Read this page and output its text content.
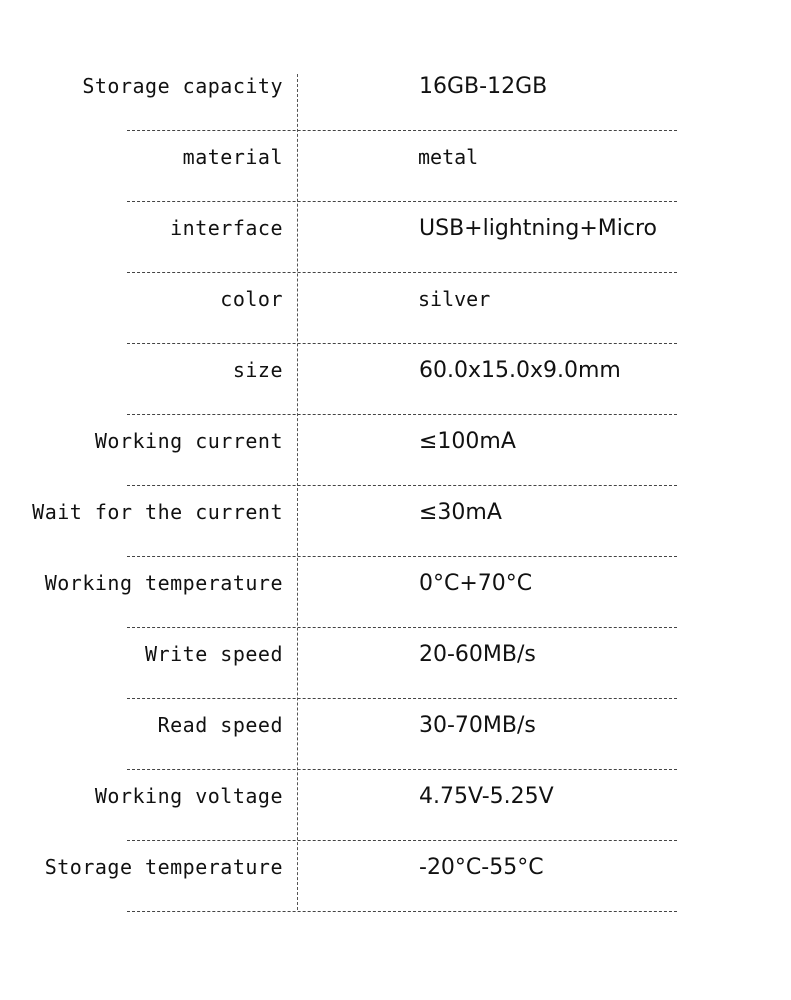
Storage capacity	16GB-12GB
material	metal
interface	USB+lightning+Micro
color	silver
size	60.0x15.0x9.0mm
Working current	≤100mA
Wait for the current	≤30mA
Working temperature	0°C+70°C
Write speed	20-60MB/s
Read speed	30-70MB/s
Working voltage	4.75V-5.25V
Storage temperature	-20°C-55°C
